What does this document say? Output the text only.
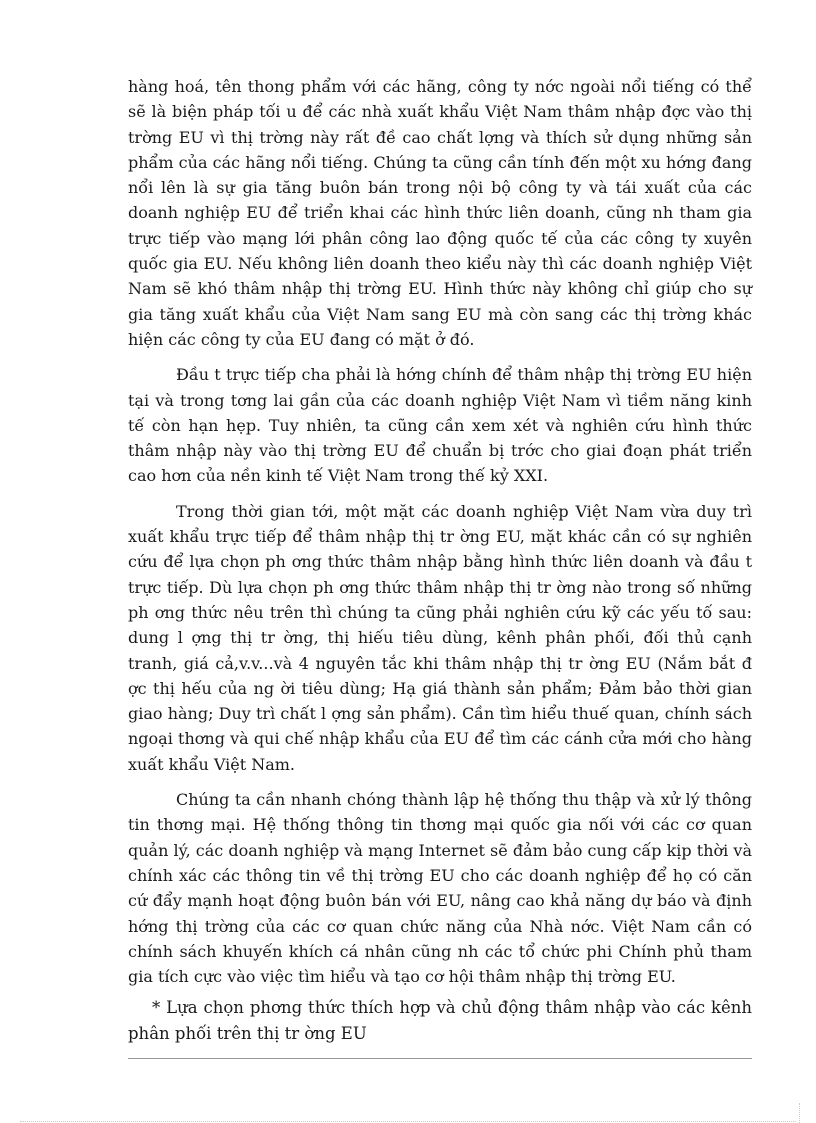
hàng hoá, tên thong phẩm với các hãng, công ty nớc ngoài nổi tiếng có thể sẽ là biện pháp tối u để các nhà xuất khẩu Việt Nam thâm nhập đợc vào thị trờng EU vì thị trờng này rất đề cao chất lợng và thích sử dụng những sản phẩm của các hãng nổi tiếng. Chúng ta cũng cần tính đến một xu hớng đang nổi lên là sự gia tăng buôn bán trong nội bộ công ty và tái xuất của các doanh nghiệp EU để triển khai các hình thức liên doanh, cũng nh tham gia trực tiếp vào mạng lới phân công lao động quốc tế của các công ty xuyên quốc gia EU. Nếu không liên doanh theo kiểu này thì các doanh nghiệp Việt Nam sẽ khó thâm nhập thị trờng EU. Hình thức này không chỉ giúp cho sự gia tăng xuất khẩu của Việt Nam sang EU mà còn sang các thị trờng khác hiện các công ty của EU đang có mặt ở đó.

Đầu t trực tiếp cha phải là hớng chính để thâm nhập thị trờng EU hiện tại và trong tơng lai gần của các doanh nghiệp Việt Nam vì tiềm năng kinh tế còn hạn hẹp. Tuy nhiên, ta cũng cần xem xét và nghiên cứu hình thức thâm nhập này vào thị trờng EU để chuẩn bị trớc cho giai đoạn phát triển cao hơn của nền kinh tế Việt Nam trong thế kỷ XXI.

Trong thời gian tới, một mặt các doanh nghiệp Việt Nam vừa duy trì xuất khẩu trực tiếp để thâm nhập thị tr ờng EU, mặt khác cần có sự nghiên cứu để lựa chọn ph ơng thức thâm nhập bằng hình thức liên doanh và đầu t trực tiếp. Dù lựa chọn ph ơng thức thâm nhập thị tr ờng nào trong số những ph ơng thức nêu trên thì chúng ta cũng phải nghiên cứu kỹ các yếu tố sau: dung l ợng thị tr ờng, thị hiếu tiêu dùng, kênh phân phối, đối thủ cạnh tranh, giá cả,v.v...và 4 nguyên tắc khi thâm nhập thị tr ờng EU (Nắm bắt đ ợc thị hếu của ng ời tiêu dùng; Hạ giá thành sản phẩm; Đảm bảo thời gian giao hàng; Duy trì chất l ợng sản phẩm). Cần tìm hiểu thuế quan, chính sách ngoại thơng và qui chế nhập khẩu của EU để tìm các cánh cửa mới cho hàng xuất khẩu Việt Nam.

Chúng ta cần nhanh chóng thành lập hệ thống thu thập và xử lý thông tin thơng mại. Hệ thống thông tin thơng mại quốc gia nối với các cơ quan quản lý, các doanh nghiệp và mạng Internet sẽ đảm bảo cung cấp kịp thời và chính xác các thông tin về thị trờng EU cho các doanh nghiệp để họ có căn cứ đẩy mạnh hoạt động buôn bán với EU, nâng cao khả năng dự báo và định hớng thị trờng của các cơ quan chức năng của Nhà nớc. Việt Nam cần có chính sách khuyến khích cá nhân cũng nh các tổ chức phi Chính phủ tham gia tích cực vào việc tìm hiểu và tạo cơ hội thâm nhập thị trờng EU.

* Lựa chọn phơng thức thích hợp và chủ động thâm nhập vào các kênh phân phối trên thị tr ờng EU
